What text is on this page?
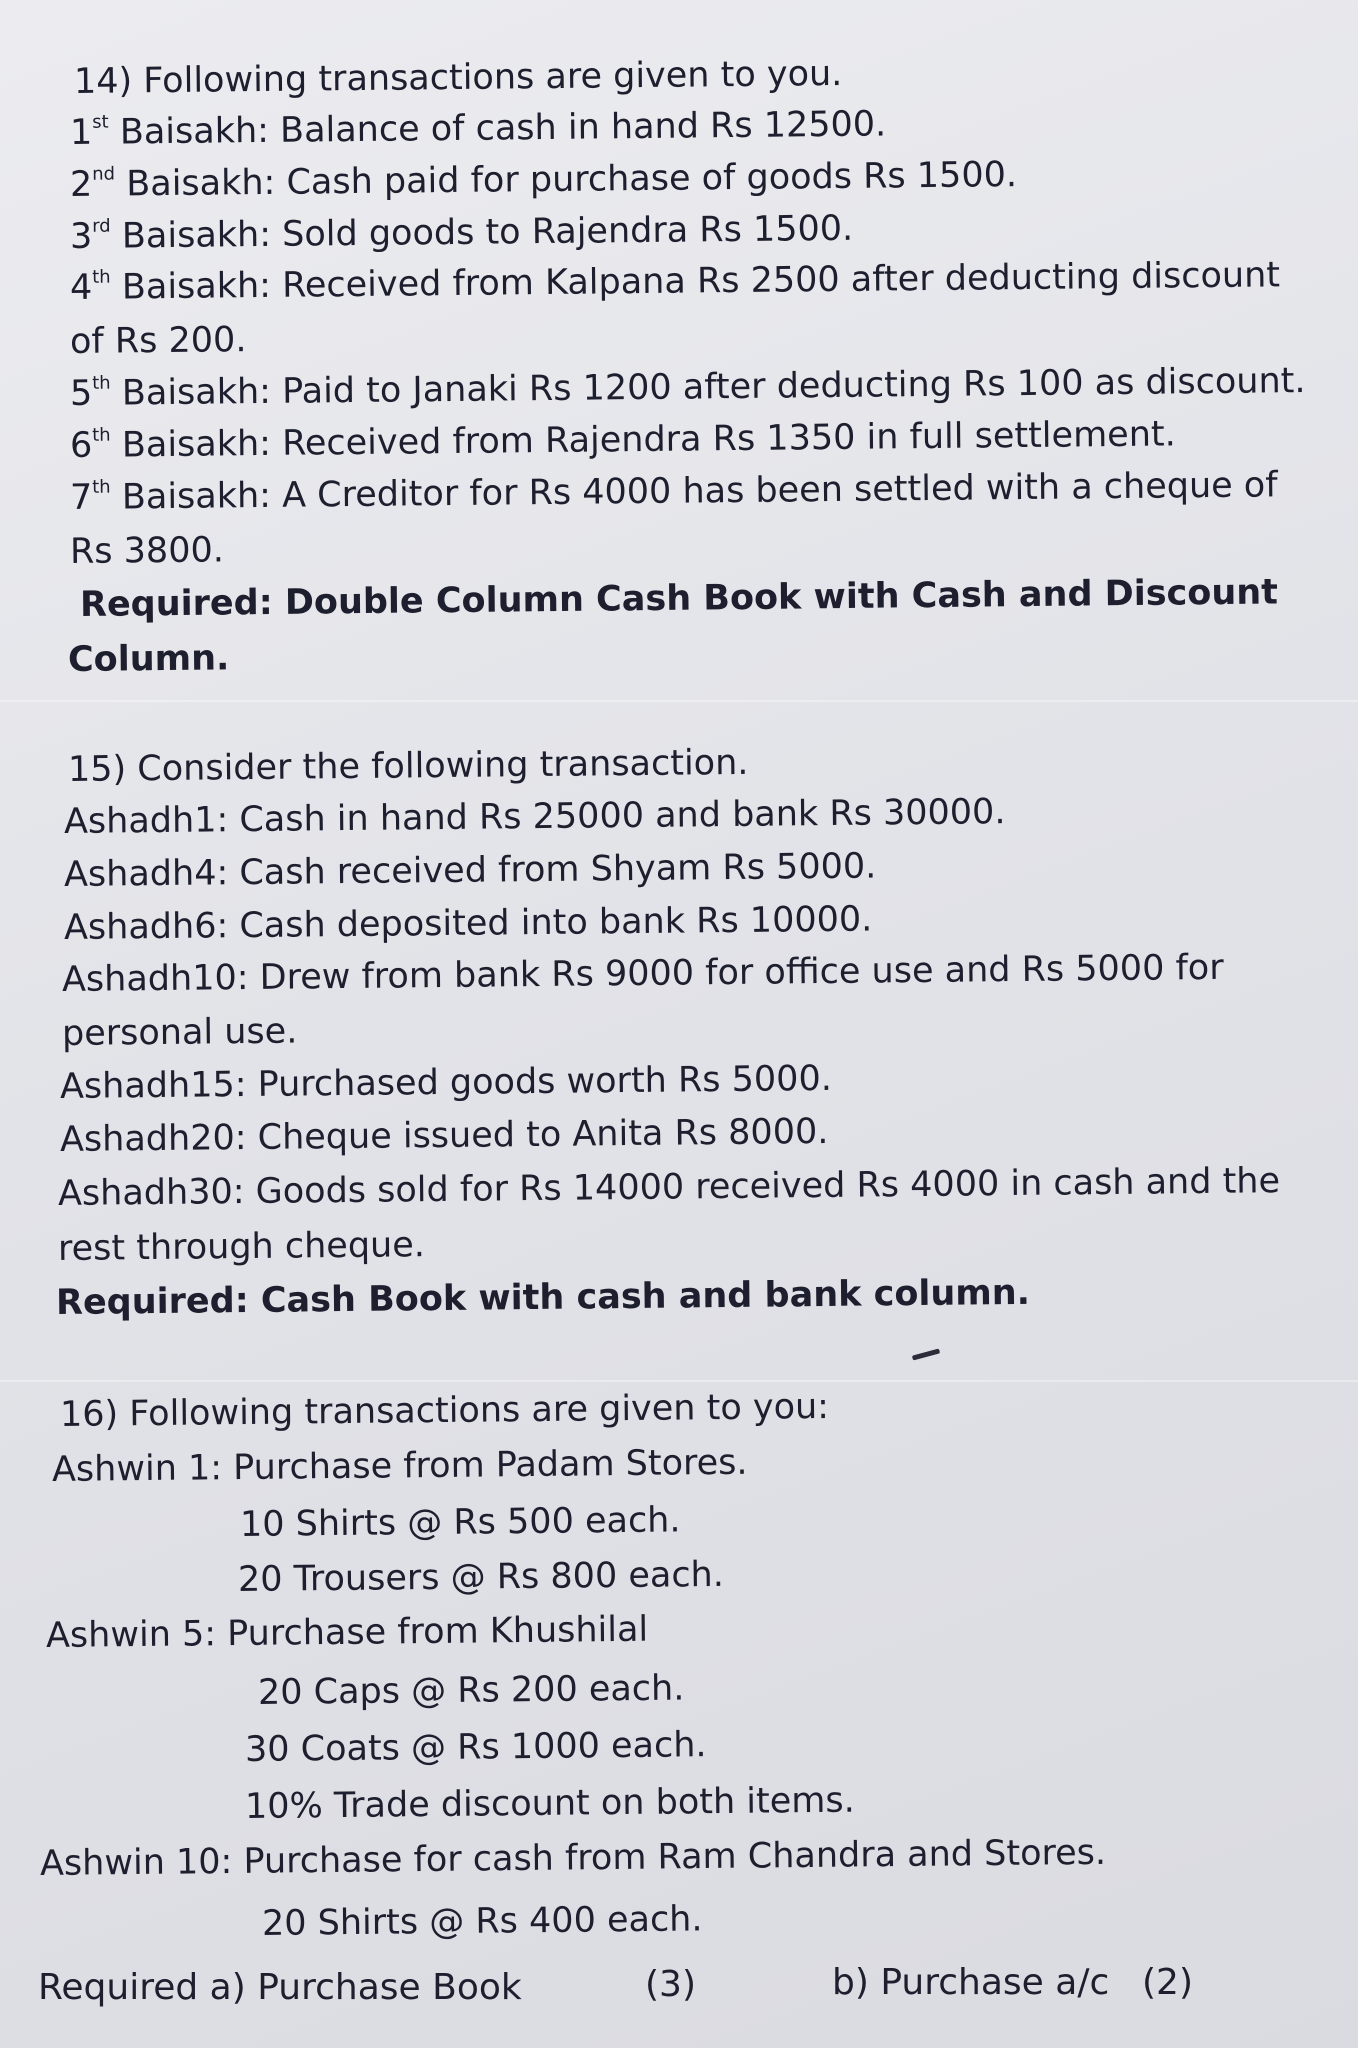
14) Following transactions are given to you.
1st Baisakh: Balance of cash in hand Rs 12500.
2nd Baisakh: Cash paid for purchase of goods Rs 1500.
3rd Baisakh: Sold goods to Rajendra Rs 1500.
4th Baisakh: Received from Kalpana Rs 2500 after deducting discount
of Rs 200.
5th Baisakh: Paid to Janaki Rs 1200 after deducting Rs 100 as discount.
6th Baisakh: Received from Rajendra Rs 1350 in full settlement.
7th Baisakh: A Creditor for Rs 4000 has been settled with a cheque of
Rs 3800.
Required: Double Column Cash Book with Cash and Discount
Column.
15) Consider the following transaction.
Ashadh1: Cash in hand Rs 25000 and bank Rs 30000.
Ashadh4: Cash received from Shyam Rs 5000.
Ashadh6: Cash deposited into bank Rs 10000.
Ashadh10: Drew from bank Rs 9000 for office use and Rs 5000 for
personal use.
Ashadh15: Purchased goods worth Rs 5000.
Ashadh20: Cheque issued to Anita Rs 8000.
Ashadh30: Goods sold for Rs 14000 received Rs 4000 in cash and the
rest through cheque.
Required: Cash Book with cash and bank column.
16) Following transactions are given to you:
Ashwin 1: Purchase from Padam Stores.
10 Shirts @ Rs 500 each.
20 Trousers @ Rs 800 each.
Ashwin 5: Purchase from Khushilal
20 Caps @ Rs 200 each.
30 Coats @ Rs 1000 each.
10% Trade discount on both items.
Ashwin 10: Purchase for cash from Ram Chandra and Stores.
20 Shirts @ Rs 400 each.
Required a) Purchase Book	(3)	b) Purchase a/c (2)
